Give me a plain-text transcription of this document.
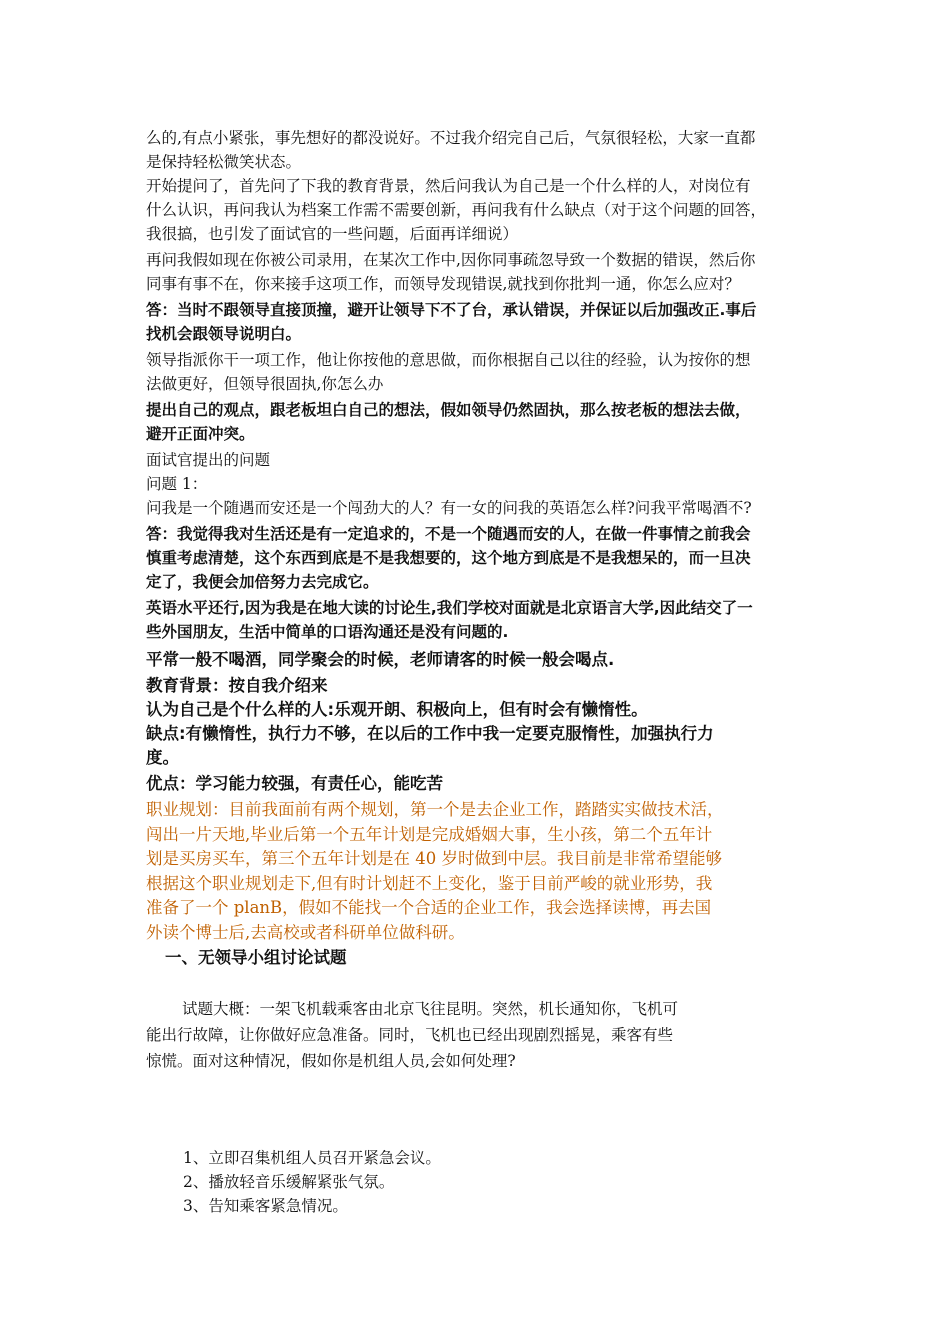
么的,有点小紧张，事先想好的都没说好。不过我介绍完自己后，气氛很轻松，大家一直都
是保持轻松微笑状态。
开始提问了，首先问了下我的教育背景，然后问我认为自己是一个什么样的人，对岗位有
什么认识，再问我认为档案工作需不需要创新，再问我有什么缺点（对于这个问题的回答，
我很搞，也引发了面试官的一些问题，后面再详细说）
再问我假如现在你被公司录用，在某次工作中,因你同事疏忽导致一个数据的错误，然后你
同事有事不在，你来接手这项工作，而领导发现错误,就找到你批判一通，你怎么应对？
答：当时不跟领导直接顶撞，避开让领导下不了台，承认错误，并保证以后加强改正.事后
找机会跟领导说明白。
领导指派你干一项工作，他让你按他的意思做，而你根据自己以往的经验，认为按你的想
法做更好，但领导很固执,你怎么办
提出自己的观点，跟老板坦白自己的想法，假如领导仍然固执，那么按老板的想法去做，
避开正面冲突。
面试官提出的问题
问题 1：
问我是一个随遇而安还是一个闯劲大的人？有一女的问我的英语怎么样?问我平常喝酒不?
答：我觉得我对生活还是有一定追求的，不是一个随遇而安的人，在做一件事情之前我会
慎重考虑清楚，这个东西到底是不是我想要的，这个地方到底是不是我想呆的，而一旦决
定了，我便会加倍努力去完成它。
英语水平还行,因为我是在地大读的讨论生,我们学校对面就是北京语言大学,因此结交了一
些外国朋友，生活中简单的口语沟通还是没有问题的.
平常一般不喝酒，同学聚会的时候，老师请客的时候一般会喝点.
教育背景：按自我介绍来
认为自己是个什么样的人:乐观开朗、积极向上，但有时会有懒惰性。
缺点:有懒惰性，执行力不够，在以后的工作中我一定要克服惰性，加强执行力
度。
优点：学习能力较强，有责任心，能吃苦
职业规划：目前我面前有两个规划，第一个是去企业工作，踏踏实实做技术活，
闯出一片天地,毕业后第一个五年计划是完成婚姻大事，生小孩，第二个五年计
划是买房买车，第三个五年计划是在 40 岁时做到中层。我目前是非常希望能够
根据这个职业规划走下,但有时计划赶不上变化，鉴于目前严峻的就业形势，我
准备了一个 planB，假如不能找一个合适的企业工作，我会选择读博，再去国
外读个博士后,去高校或者科研单位做科研。
一、无领导小组讨论试题
试题大概：一架飞机载乘客由北京飞往昆明。突然，机长通知你，飞机可
能出行故障，让你做好应急准备。同时，飞机也已经出现剧烈摇晃，乘客有些
惊慌。面对这种情况，假如你是机组人员,会如何处理?
1、立即召集机组人员召开紧急会议。
2、播放轻音乐缓解紧张气氛。
3、告知乘客紧急情况。
